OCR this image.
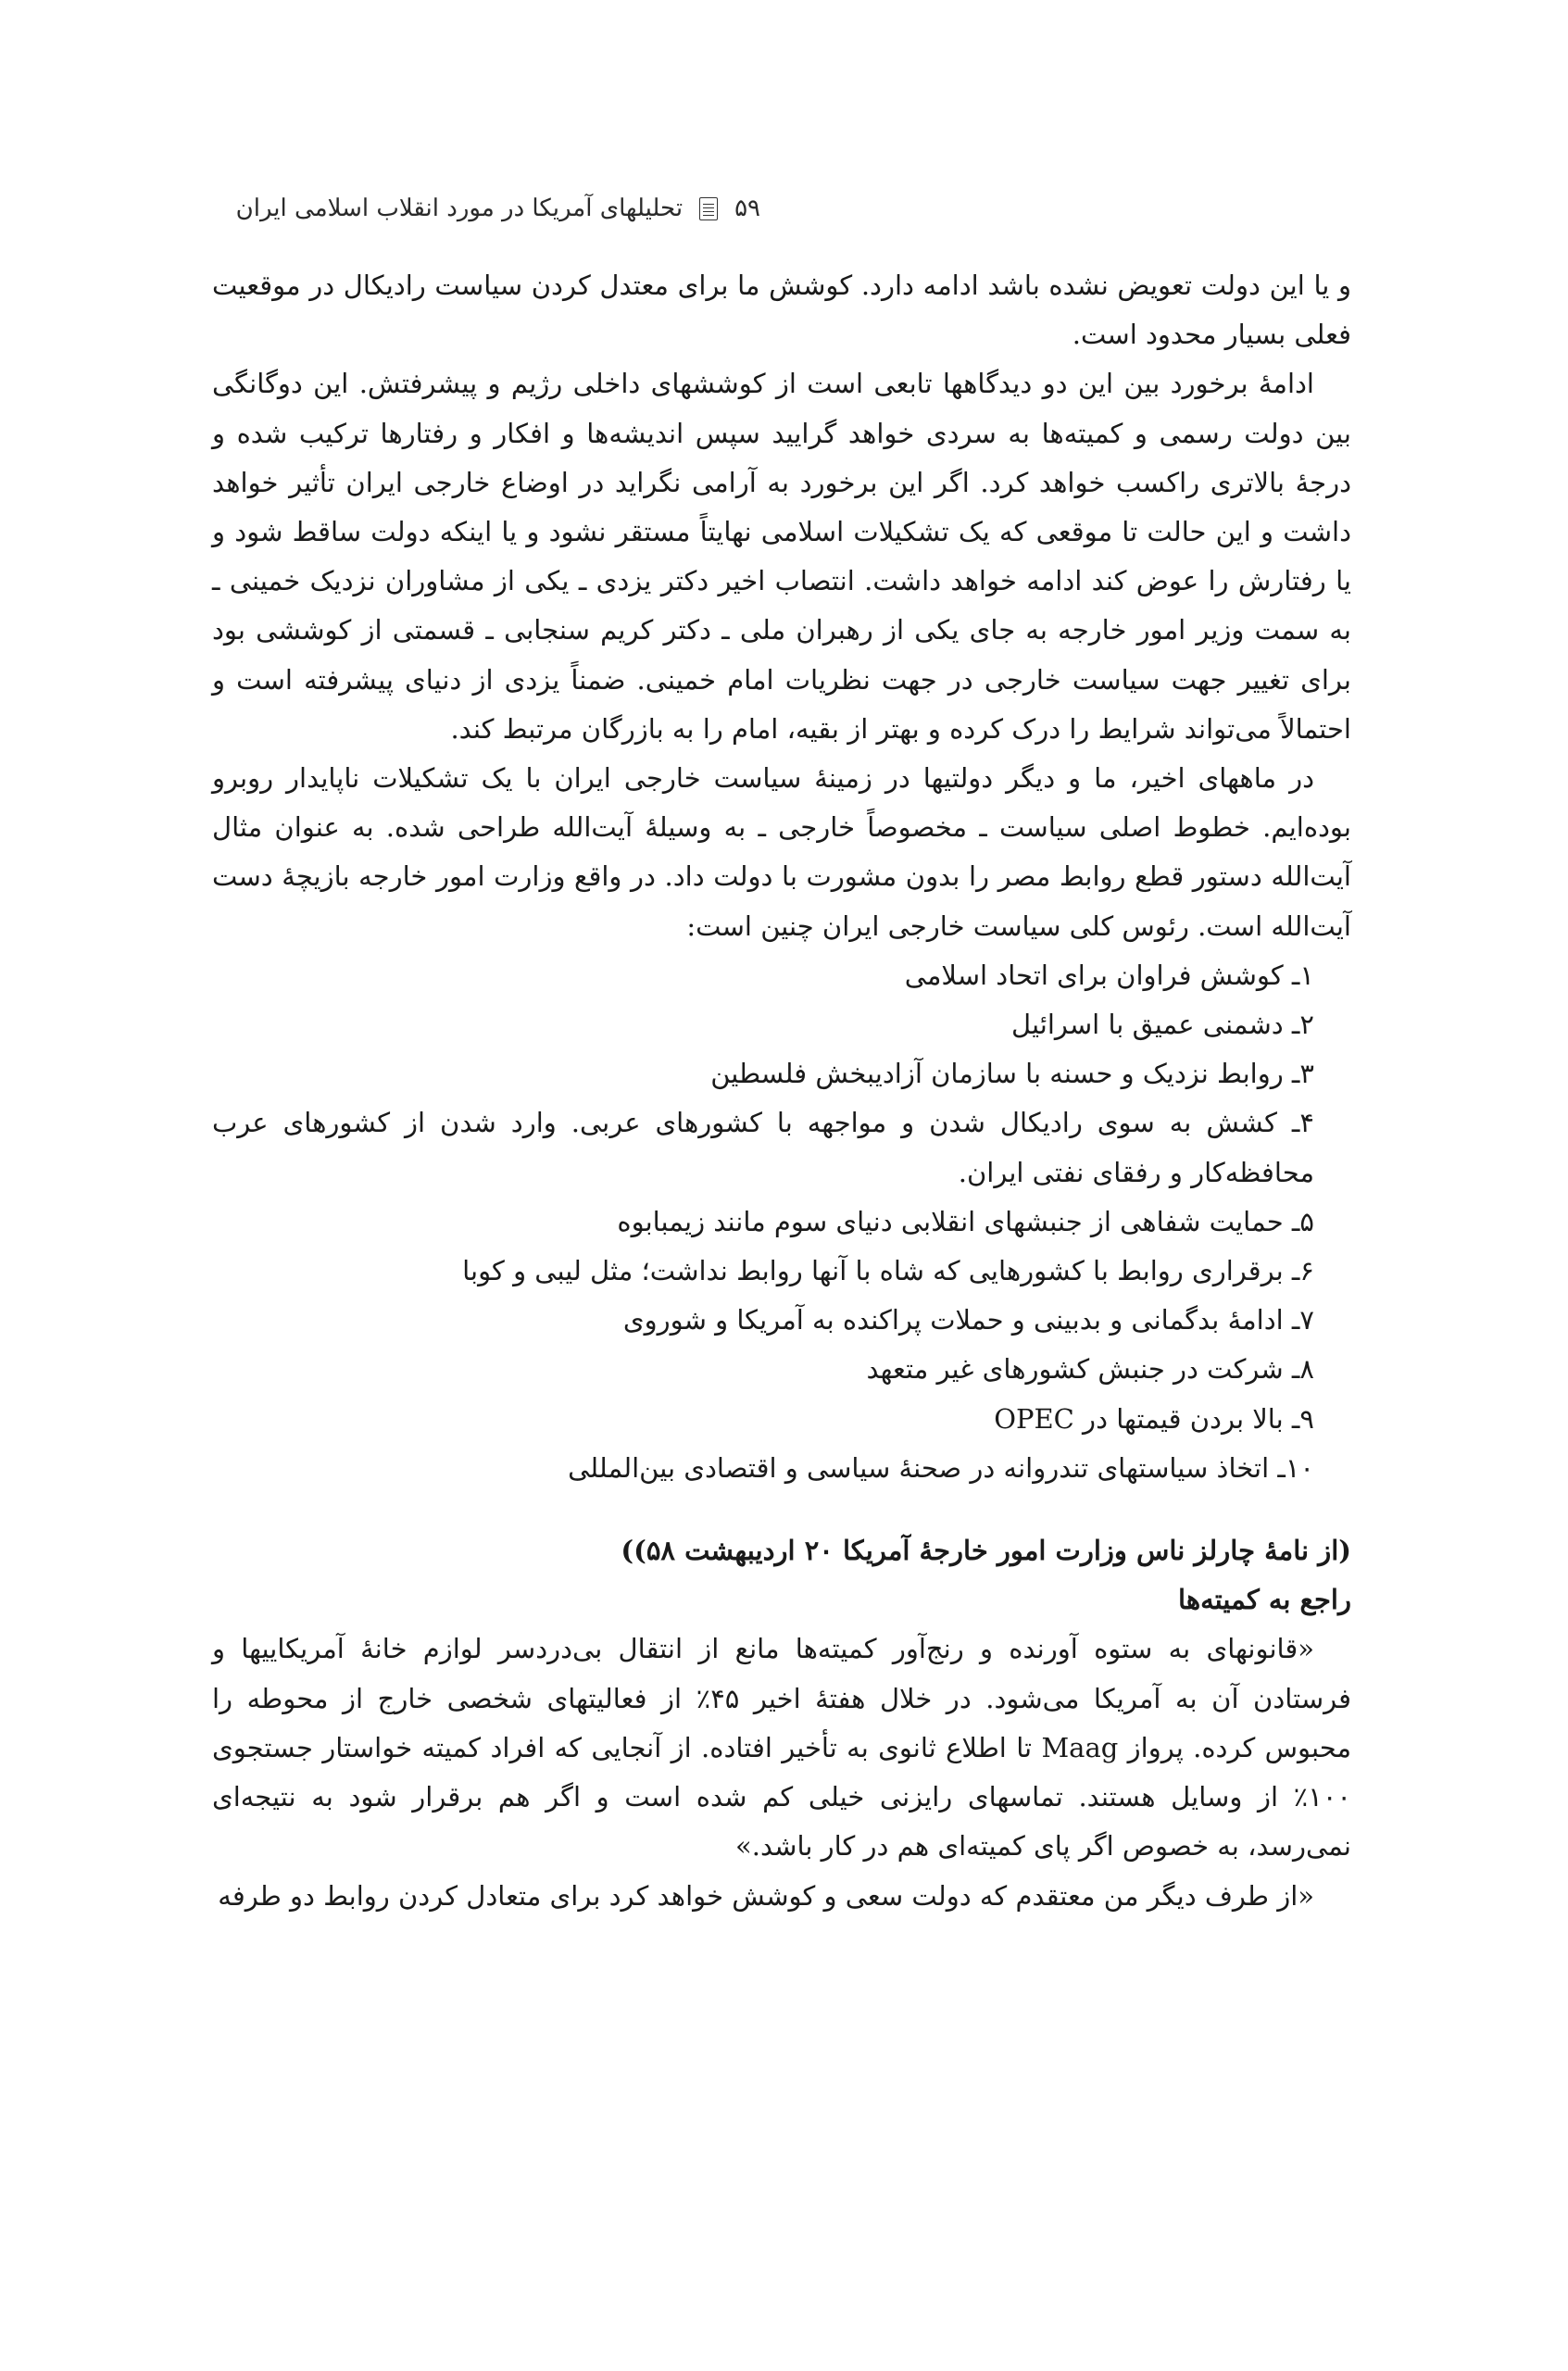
۵۹
تحلیلهای آمریکا در مورد انقلاب اسلامی ایران

و یا این دولت تعویض نشده باشد ادامه دارد. کوشش ما برای معتدل کردن سیاست رادیکال در موقعیت فعلی بسیار محدود است.

ادامهٔ برخورد بین این دو دیدگاهها تابعی است از کوششهای داخلی رژیم و پیشرفتش. این دوگانگی بین دولت رسمی و کمیته‌ها به سردی خواهد گرایید سپس اندیشه‌ها و افکار و رفتارها ترکیب شده و درجهٔ بالاتری راکسب خواهد کرد. اگر این برخورد به آرامی نگراید در اوضاع خارجی ایران تأثیر خواهد داشت و این حالت تا موقعی که یک تشکیلات اسلامی نهایتاً مستقر نشود و یا اینکه دولت ساقط شود و یا رفتارش را عوض کند ادامه خواهد داشت. انتصاب اخیر دکتر یزدی ـ یکی از مشاوران نزدیک خمینی ـ به سمت وزیر امور خارجه به جای یکی از رهبران ملی ـ دکتر کریم سنجابی ـ قسمتی از کوششی بود برای تغییر جهت سیاست خارجی در جهت نظریات امام خمینی. ضمناً یزدی از دنیای پیشرفته است و احتمالاً می‌تواند شرایط را درک کرده و بهتر از بقیه، امام را به بازرگان مرتبط کند.

در ماههای اخیر، ما و دیگر دولتیها در زمینهٔ سیاست خارجی ایران با یک تشکیلات ناپایدار روبرو بوده‌ایم. خطوط اصلی سیاست ـ مخصوصاً خارجی ـ به وسیلهٔ آیت‌الله طراحی شده. به عنوان مثال آیت‌الله دستور قطع روابط مصر را بدون مشورت با دولت داد. در واقع وزارت امور خارجه بازیچهٔ دست آیت‌الله است. رئوس کلی سیاست خارجی ایران چنین است:

۱ـ کوشش فراوان برای اتحاد اسلامی
۲ـ دشمنی عمیق با اسرائیل
۳ـ روابط نزدیک و حسنه با سازمان آزادیبخش فلسطین
۴ـ کشش به سوی رادیکال شدن و مواجهه با کشورهای عربی. وارد شدن از کشورهای عرب محافظه‌کار و رفقای نفتی ایران.
۵ـ حمایت شفاهی از جنبشهای انقلابی دنیای سوم مانند زیمبابوه
۶ـ برقراری روابط با کشورهایی که شاه با آنها روابط نداشت؛ مثل لیبی و کوبا
۷ـ ادامهٔ بدگمانی و بدبینی و حملات پراکنده به آمریکا و شوروی
۸ـ شرکت در جنبش کشورهای غیر متعهد
۹ـ بالا بردن قیمتها در OPEC
۱۰ـ اتخاذ سیاستهای تندروانه در صحنهٔ سیاسی و اقتصادی بین‌المللی

(از نامهٔ چارلز ناس وزارت امور خارجهٔ آمریکا ۲۰ اردیبهشت ۵۸))

راجع به کمیته‌ها

«قانونهای به ستوه آورنده و رنج‌آور کمیته‌ها مانع از انتقال بی‌دردسر لوازم خانهٔ آمریکاییها و فرستادن آن به آمریکا می‌شود. در خلال هفتهٔ اخیر ۴۵٪ از فعالیتهای شخصی خارج از محوطه را محبوس کرده. پرواز Maag تا اطلاع ثانوی به تأخیر افتاده. از آنجایی که افراد کمیته خواستار جستجوی ۱۰۰٪ از وسایل هستند. تماسهای رایزنی خیلی کم شده است و اگر هم برقرار شود به نتیجه‌ای نمی‌رسد، به خصوص اگر پای کمیته‌ای هم در کار باشد.»

«از طرف دیگر من معتقدم که دولت سعی و کوشش خواهد کرد برای متعادل کردن روابط دو طرفه
